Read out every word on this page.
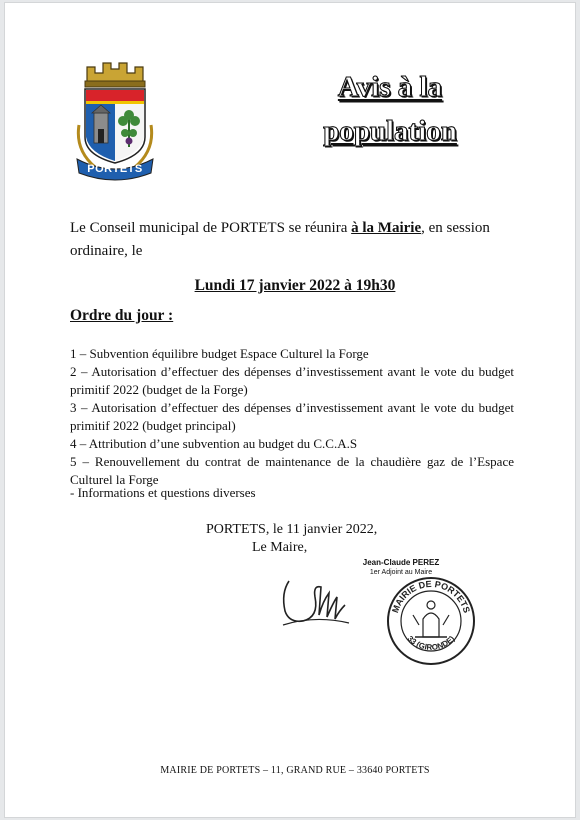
PORTETS
Avis à la
population
Le Conseil municipal de PORTETS se réunira à la Mairie, en session ordinaire, le
Lundi 17 janvier 2022 à 19h30
Ordre du jour :
1 – Subvention équilibre budget Espace Culturel la Forge
2 – Autorisation d’effectuer des dépenses d’investissement avant le vote du budget primitif 2022 (budget de la Forge)
3 – Autorisation d’effectuer des dépenses d’investissement avant le vote du budget primitif 2022 (budget principal)
4 – Attribution d’une subvention au budget du C.C.A.S
5 – Renouvellement du contrat de maintenance de la chaudière gaz de l’Espace Culturel la Forge
- Informations et questions diverses
PORTETS, le 11 janvier 2022,
Le Maire,
Jean-Claude PEREZ
1er Adjoint au Maire
MAIRIE DE PORTETS
33 (GIRONDE)
MAIRIE DE PORTETS – 11, GRAND RUE – 33640 PORTETS
